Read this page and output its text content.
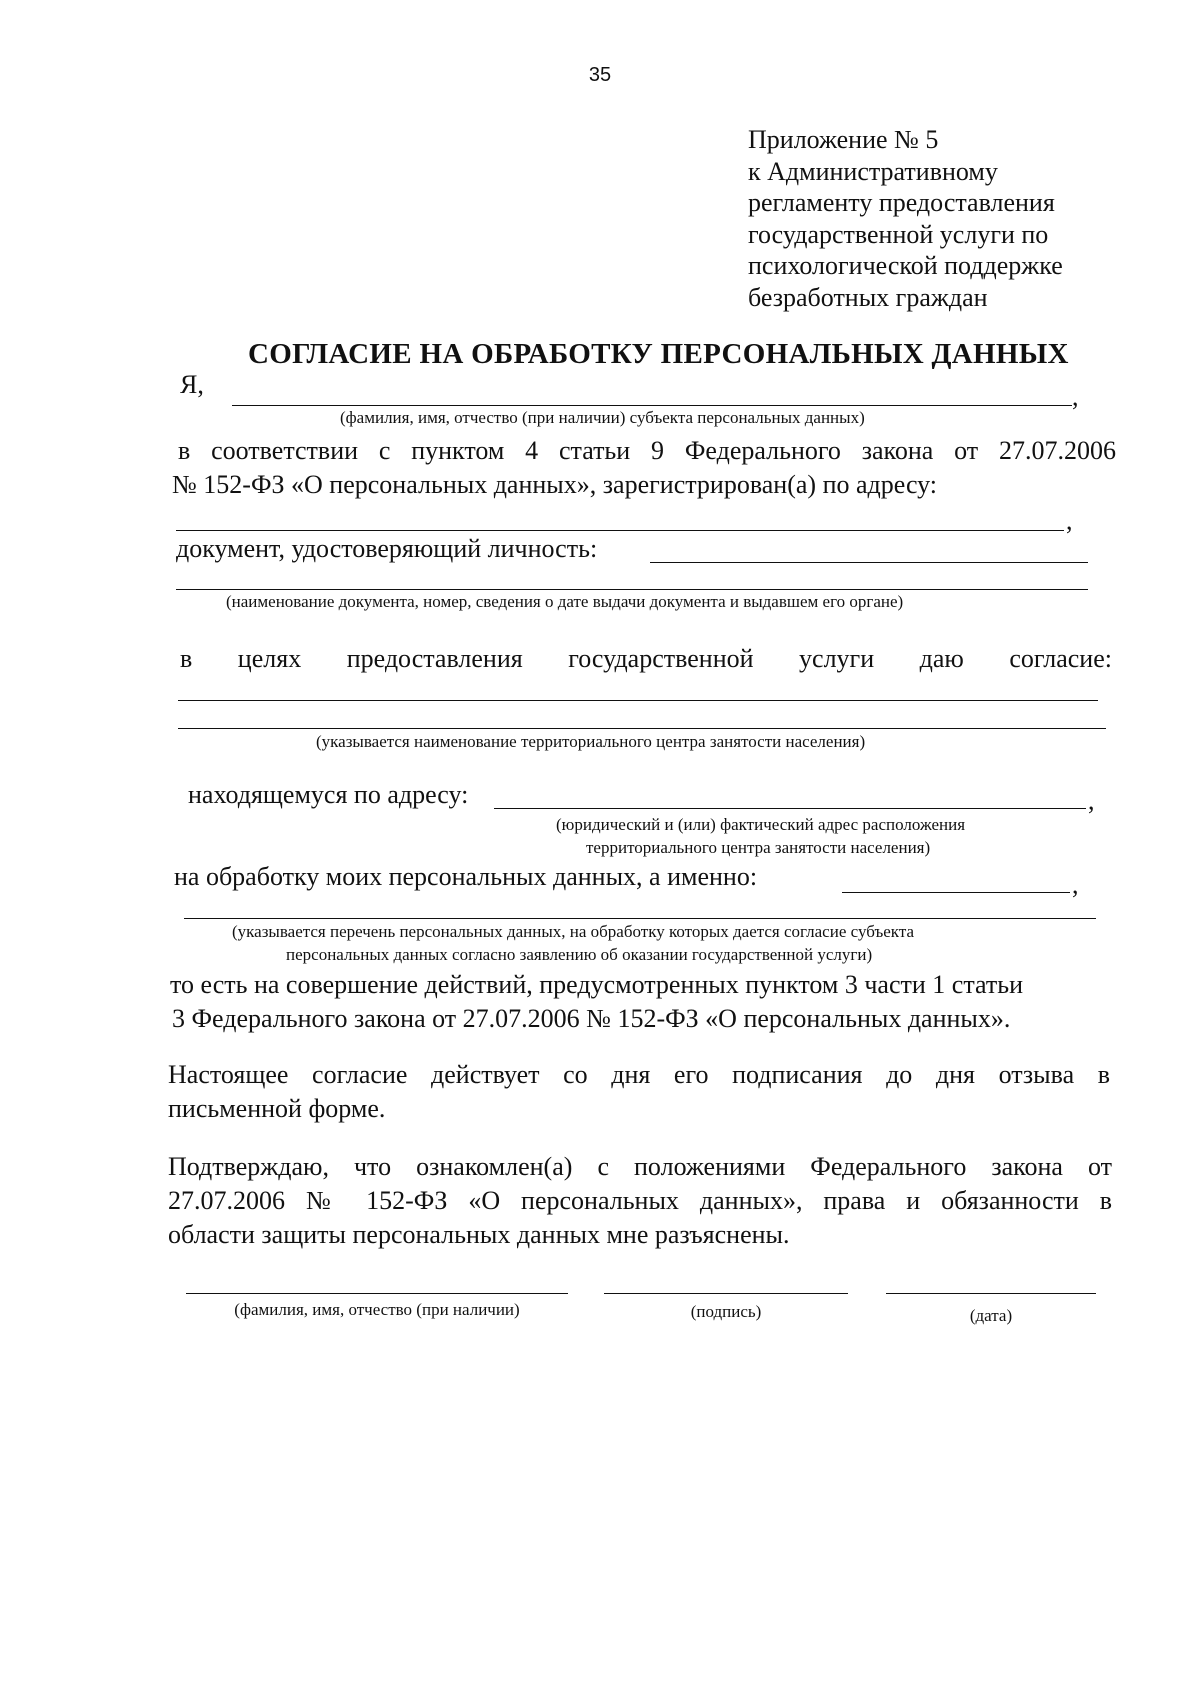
35
Приложение № 5
к Административному
регламенту предоставления
государственной услуги по
психологической поддержке
безработных граждан
СОГЛАСИЕ НА ОБРАБОТКУ ПЕРСОНАЛЬНЫХ ДАННЫХ
Я,	,
(фамилия, имя, отчество (при наличии) субъекта персональных данных)
в соответствии с пунктом 4 статьи 9 Федерального закона от 27.07.2006
№ 152-ФЗ «О персональных данных», зарегистрирован(а) по адресу:
,
документ, удостоверяющий личность:
(наименование документа, номер, сведения о дате выдачи документа и выдавшем его органе)
в целях предоставления государственной услуги даю согласие:
(указывается наименование территориального центра занятости населения)
находящемуся по адресу:	,
(юридический и (или) фактический адрес расположения
территориального центра занятости населения)
на обработку моих персональных данных, а именно:	,
(указывается перечень персональных данных, на обработку которых дается согласие субъекта
персональных данных согласно заявлению об оказании государственной услуги)
то есть на совершение действий, предусмотренных пунктом 3 части 1 статьи
3 Федерального закона от 27.07.2006 № 152-ФЗ «О персональных данных».
Настоящее согласие действует со дня его подписания до дня отзыва в
письменной форме.
Подтверждаю, что ознакомлен(а) с положениями Федерального закона от
27.07.2006 № 152-ФЗ «О персональных данных», права и обязанности в
области защиты персональных данных мне разъяснены.
(фамилия, имя, отчество (при наличии)	(подпись)	(дата)
